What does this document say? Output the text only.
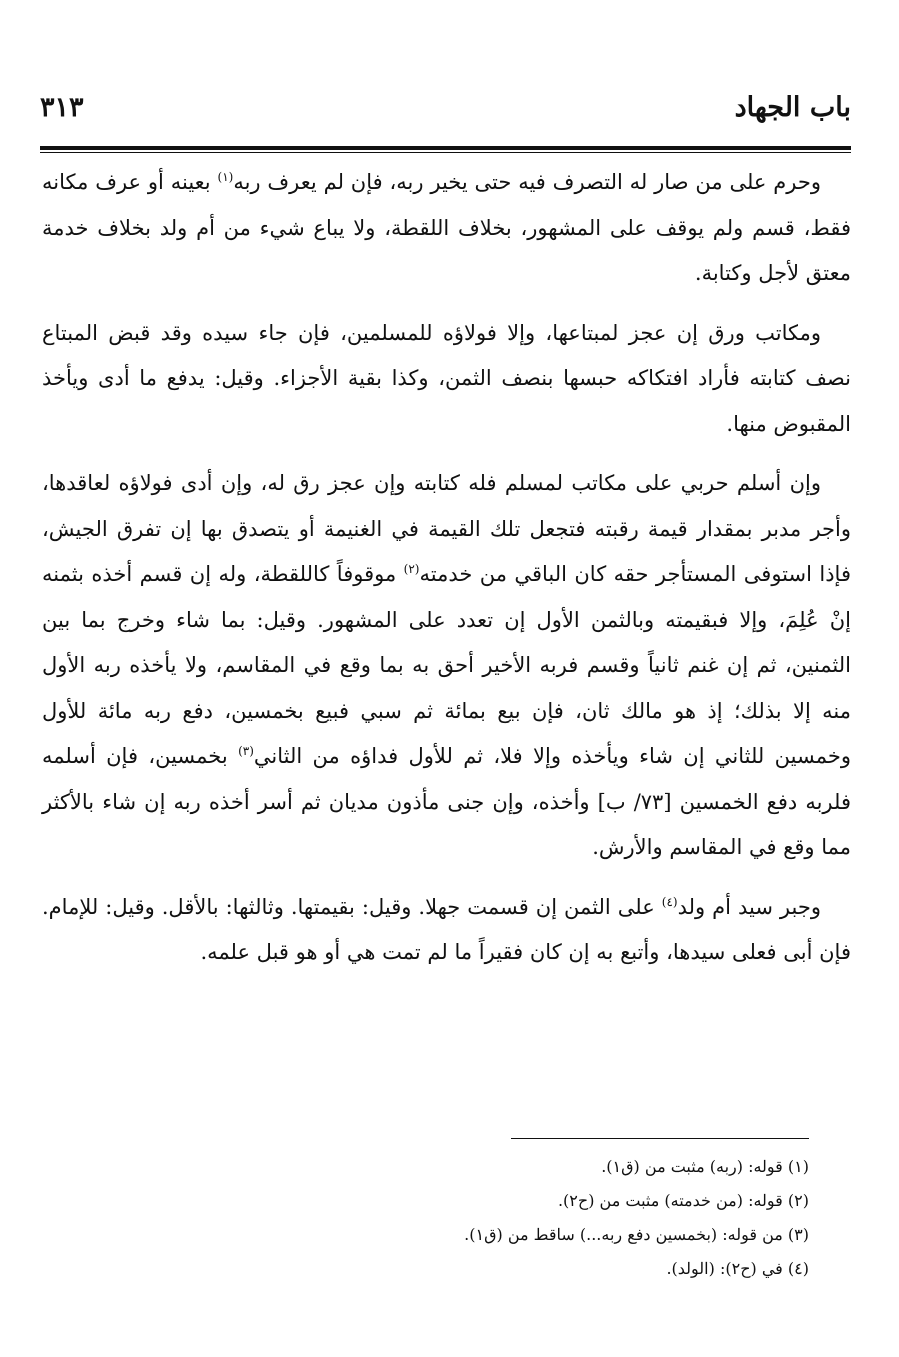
باب الجهاد
٣١٣

وحرم على من صار له التصرف فيه حتى يخير ربه، فإن لم يعرف ربه$^{(١)}$ بعينه أو عرف مكانه فقط، قسم ولم يوقف على المشهور، بخلاف اللقطة، ولا يباع شيء من أم ولد بخلاف خدمة معتق لأجل وكتابة.

ومكاتب ورق إن عجز لمبتاعها، وإلا فولاؤه للمسلمين، فإن جاء سيده وقد قبض المبتاع نصف كتابته فأراد افتكاكه حبسها بنصف الثمن، وكذا بقية الأجزاء. وقيل: يدفع ما أدى ويأخذ المقبوض منها.

وإن أسلم حربي على مكاتب لمسلم فله كتابته وإن عجز رق له، وإن أدى فولاؤه لعاقدها، وأجر مدبر بمقدار قيمة رقبته فتجعل تلك القيمة في الغنيمة أو يتصدق بها إن تفرق الجيش، فإذا استوفى المستأجر حقه كان الباقي من خدمته$^{(٢)}$ موقوفاً كاللقطة، وله إن قسم أخذه بثمنه إنْ عُلِمَ، وإلا فبقيمته وبالثمن الأول إن تعدد على المشهور. وقيل: بما شاء وخرج بما بين الثمنين، ثم إن غنم ثانياً وقسم فربه الأخير أحق به بما وقع في المقاسم، ولا يأخذه ربه الأول منه إلا بذلك؛ إذ هو مالك ثان، فإن بيع بمائة ثم سبي فبيع بخمسين، دفع ربه مائة للأول وخمسين للثاني إن شاء ويأخذه وإلا فلا، ثم للأول فداؤه من الثاني$^{(٣)}$ بخمسين، فإن أسلمه فلربه دفع الخمسين [٧٣/ ب] وأخذه، وإن جنى مأذون مديان ثم أسر أخذه ربه إن شاء بالأكثر مما وقع في المقاسم والأرش.

وجبر سيد أم ولد$^{(٤)}$ على الثمن إن قسمت جهلا. وقيل: بقيمتها. وثالثها: بالأقل. وقيل: للإمام. فإن أبى فعلى سيدها، وأتبع به إن كان فقيراً ما لم تمت هي أو هو قبل علمه.

(١) قوله: (ربه) مثبت من (ق١).

(٢) قوله: (من خدمته) مثبت من (ح٢).

(٣) من قوله: (بخمسين دفع ربه...) ساقط من (ق١).

(٤) في (ح٢): (الولد).
